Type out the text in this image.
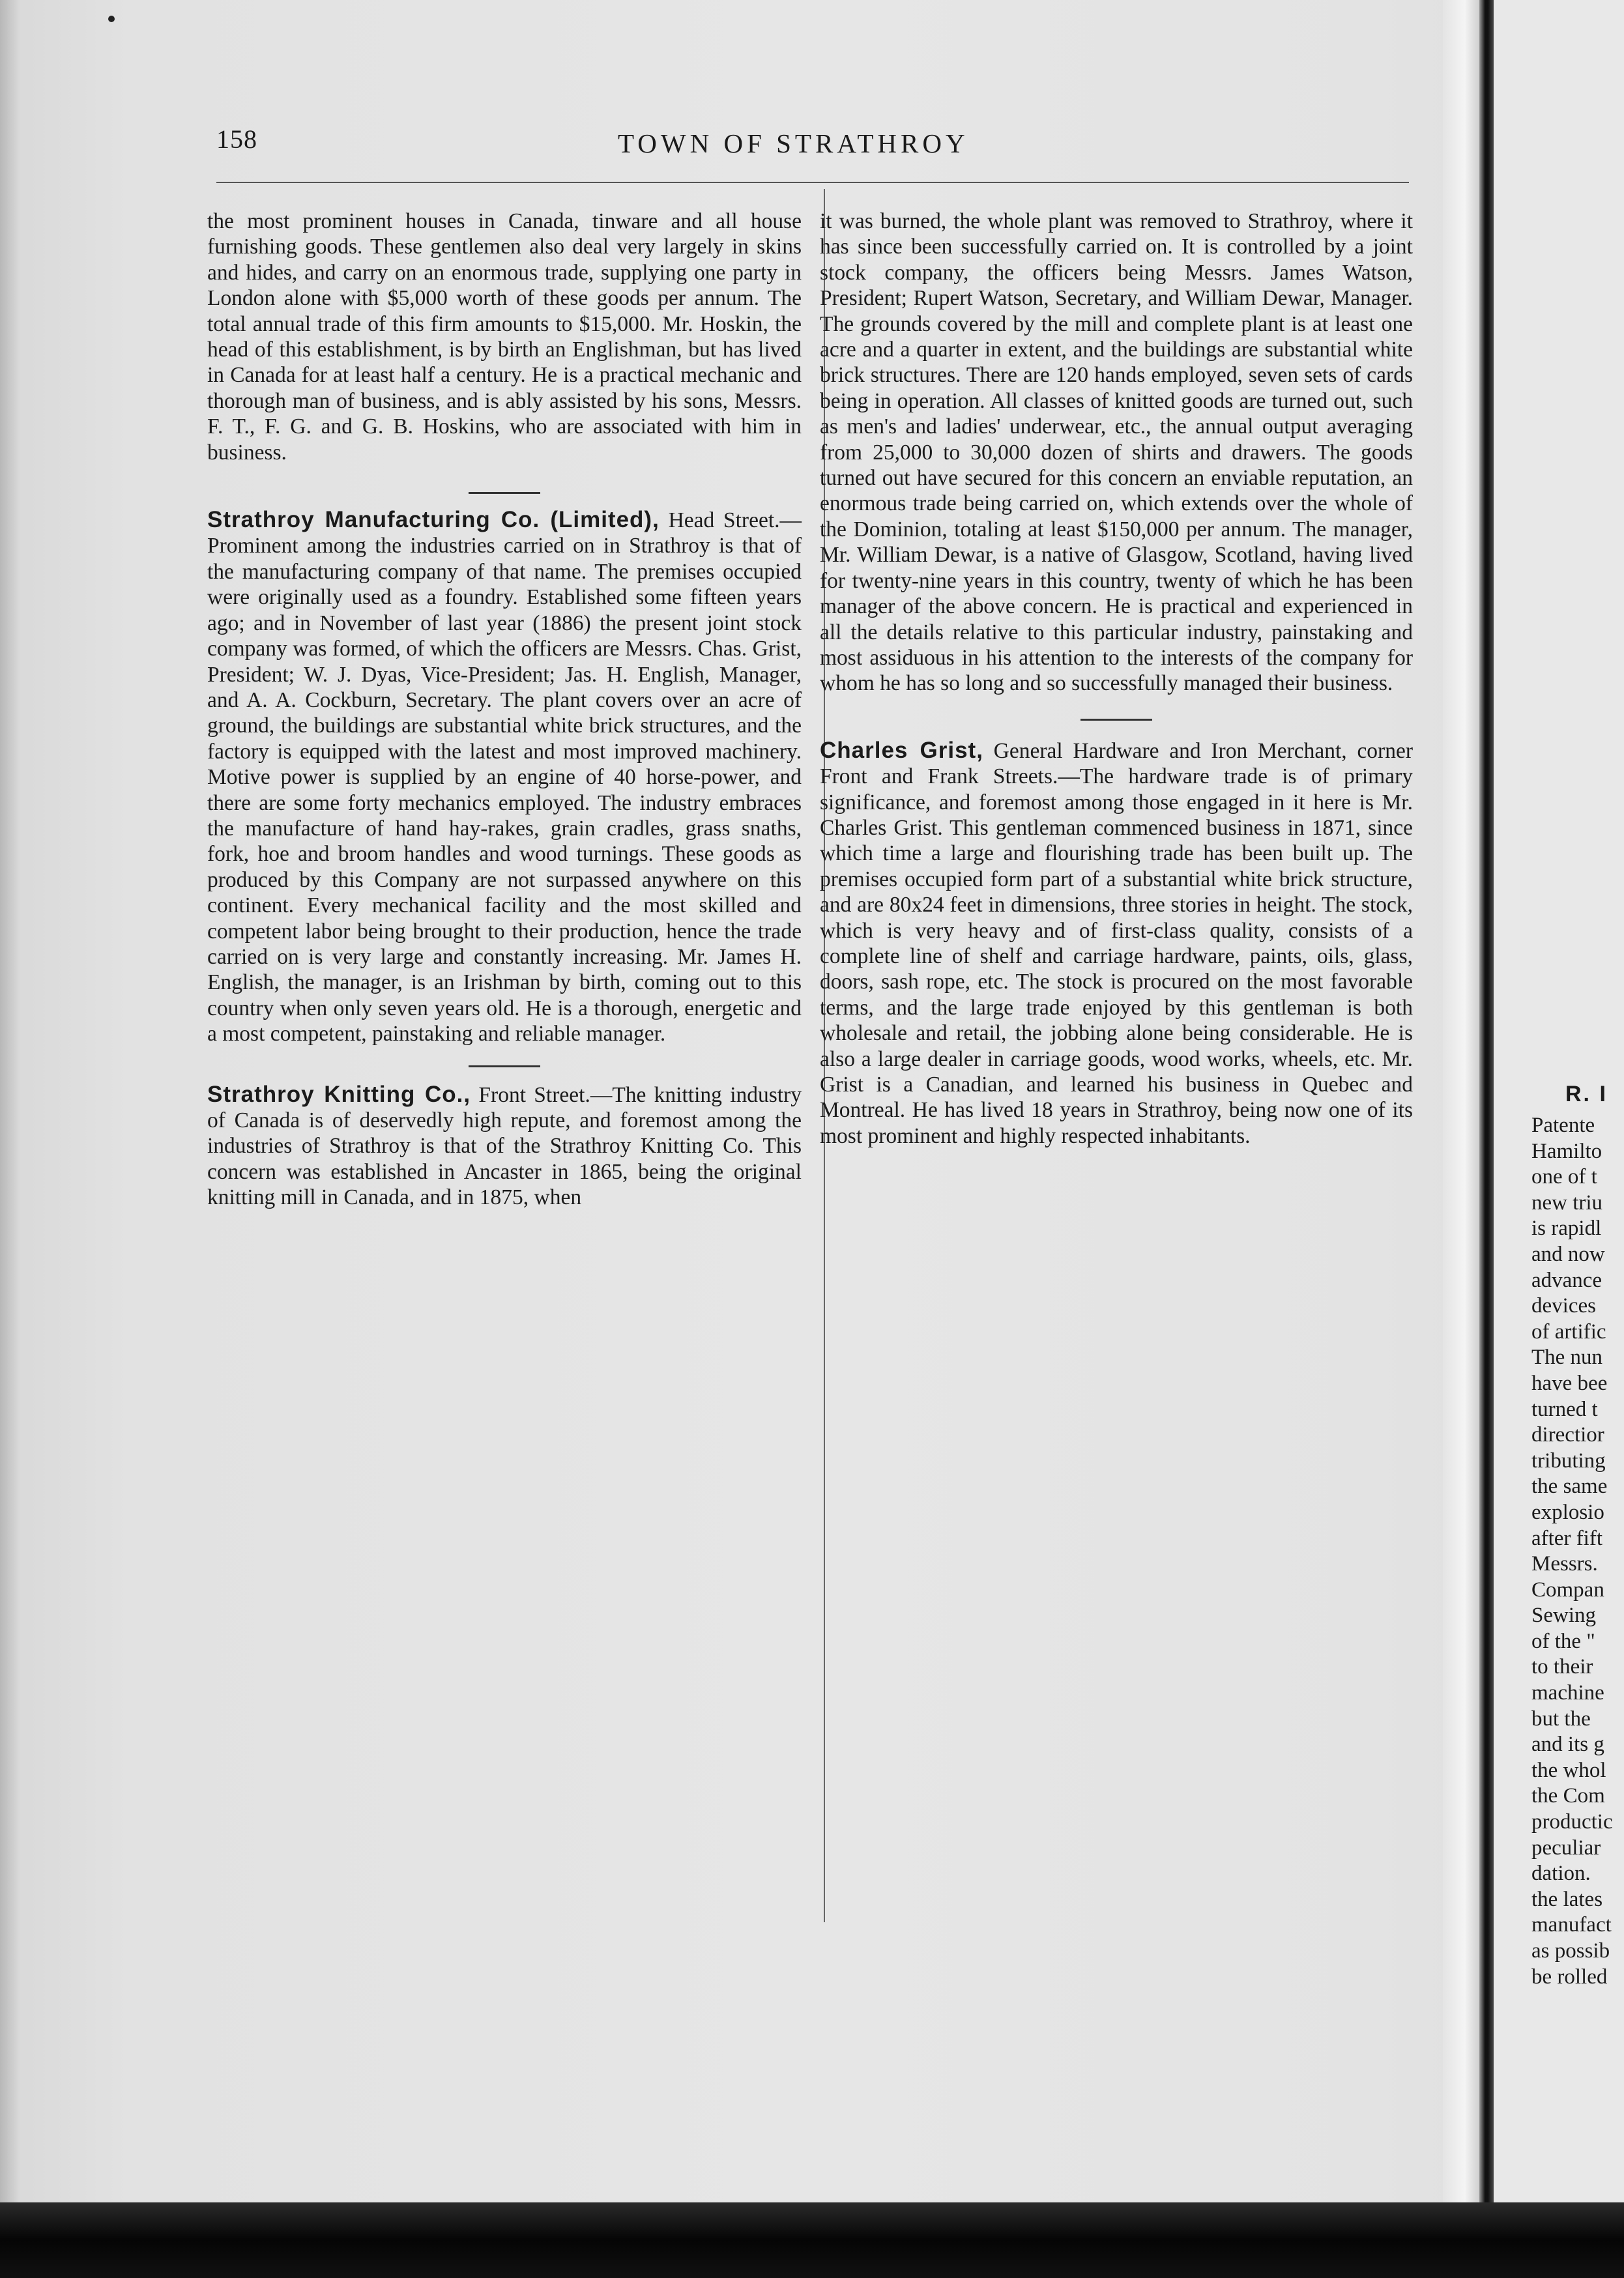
158	TOWN OF STRATHROY

the most prominent houses in Canada, tinware and all house furnishing goods. These gentlemen also deal very largely in skins and hides, and carry on an enormous trade, supplying one party in London alone with $5,000 worth of these goods per annum. The total annual trade of this firm amounts to $15,000. Mr. Hoskin, the head of this establishment, is by birth an Englishman, but has lived in Canada for at least half a century. He is a practical mechanic and thorough man of business, and is ably assisted by his sons, Messrs. F. T., F. G. and G. B. Hoskins, who are associated with him in business.

Strathroy Manufacturing Co. (Limited), Head Street.—Prominent among the industries carried on in Strathroy is that of the manufacturing company of that name. The premises occupied were originally used as a foundry. Established some fifteen years ago; and in November of last year (1886) the present joint stock company was formed, of which the officers are Messrs. Chas. Grist, President; W. J. Dyas, Vice-President; Jas. H. English, Manager, and A. A. Cockburn, Secretary. The plant covers over an acre of ground, the buildings are substantial white brick structures, and the factory is equipped with the latest and most improved machinery. Motive power is supplied by an engine of 40 horse-power, and there are some forty mechanics employed. The industry embraces the manufacture of hand hay-rakes, grain cradles, grass snaths, fork, hoe and broom handles and wood turnings. These goods as produced by this Company are not surpassed anywhere on this continent. Every mechanical facility and the most skilled and competent labor being brought to their production, hence the trade carried on is very large and constantly increasing. Mr. James H. English, the manager, is an Irishman by birth, coming out to this country when only seven years old. He is a thorough, energetic and a most competent, painstaking and reliable manager.

Strathroy Knitting Co., Front Street.—The knitting industry of Canada is of deservedly high repute, and foremost among the industries of Strathroy is that of the Strathroy Knitting Co. This concern was established in Ancaster in 1865, being the original knitting mill in Canada, and in 1875, when

it was burned, the whole plant was removed to Strathroy, where it has since been successfully carried on. It is controlled by a joint stock company, the officers being Messrs. James Watson, President; Rupert Watson, Secretary, and William Dewar, Manager. The grounds covered by the mill and complete plant is at least one acre and a quarter in extent, and the buildings are substantial white brick structures. There are 120 hands employed, seven sets of cards being in operation. All classes of knitted goods are turned out, such as men's and ladies' underwear, etc., the annual output averaging from 25,000 to 30,000 dozen of shirts and drawers. The goods turned out have secured for this concern an enviable reputation, an enormous trade being carried on, which extends over the whole of the Dominion, totaling at least $150,000 per annum. The manager, Mr. William Dewar, is a native of Glasgow, Scotland, having lived for twenty-nine years in this country, twenty of which he has been manager of the above concern. He is practical and experienced in all the details relative to this particular industry, painstaking and most assiduous in his attention to the interests of the company for whom he has so long and so successfully managed their business.

Charles Grist, General Hardware and Iron Merchant, corner Front and Frank Streets.—The hardware trade is of primary significance, and foremost among those engaged in it here is Mr. Charles Grist. This gentleman commenced business in 1871, since which time a large and flourishing trade has been built up. The premises occupied form part of a substantial white brick structure, and are 80x24 feet in dimensions, three stories in height. The stock, which is very heavy and of first-class quality, consists of a complete line of shelf and carriage hardware, paints, oils, glass, doors, sash rope, etc. The stock is procured on the most favorable terms, and the large trade enjoyed by this gentleman is both wholesale and retail, the jobbing alone being considerable. He is also a large dealer in carriage goods, wood works, wheels, etc. Mr. Grist is a Canadian, and learned his business in Quebec and Montreal. He has lived 18 years in Strathroy, being now one of its most prominent and highly respected inhabitants.

R. I
Patente
Hamilto
one of t
new triu
is rapidl
and now
advance
devices
of artific
The nun
have bee
turned t
directior
tributing
the same
explosio
after fift
Messrs.
Compan
Sewing
of the "
to their
machine
but the
and its g
the whol
the Com
productic
peculiar
dation.
the lates
manufact
as possib
be rolled
